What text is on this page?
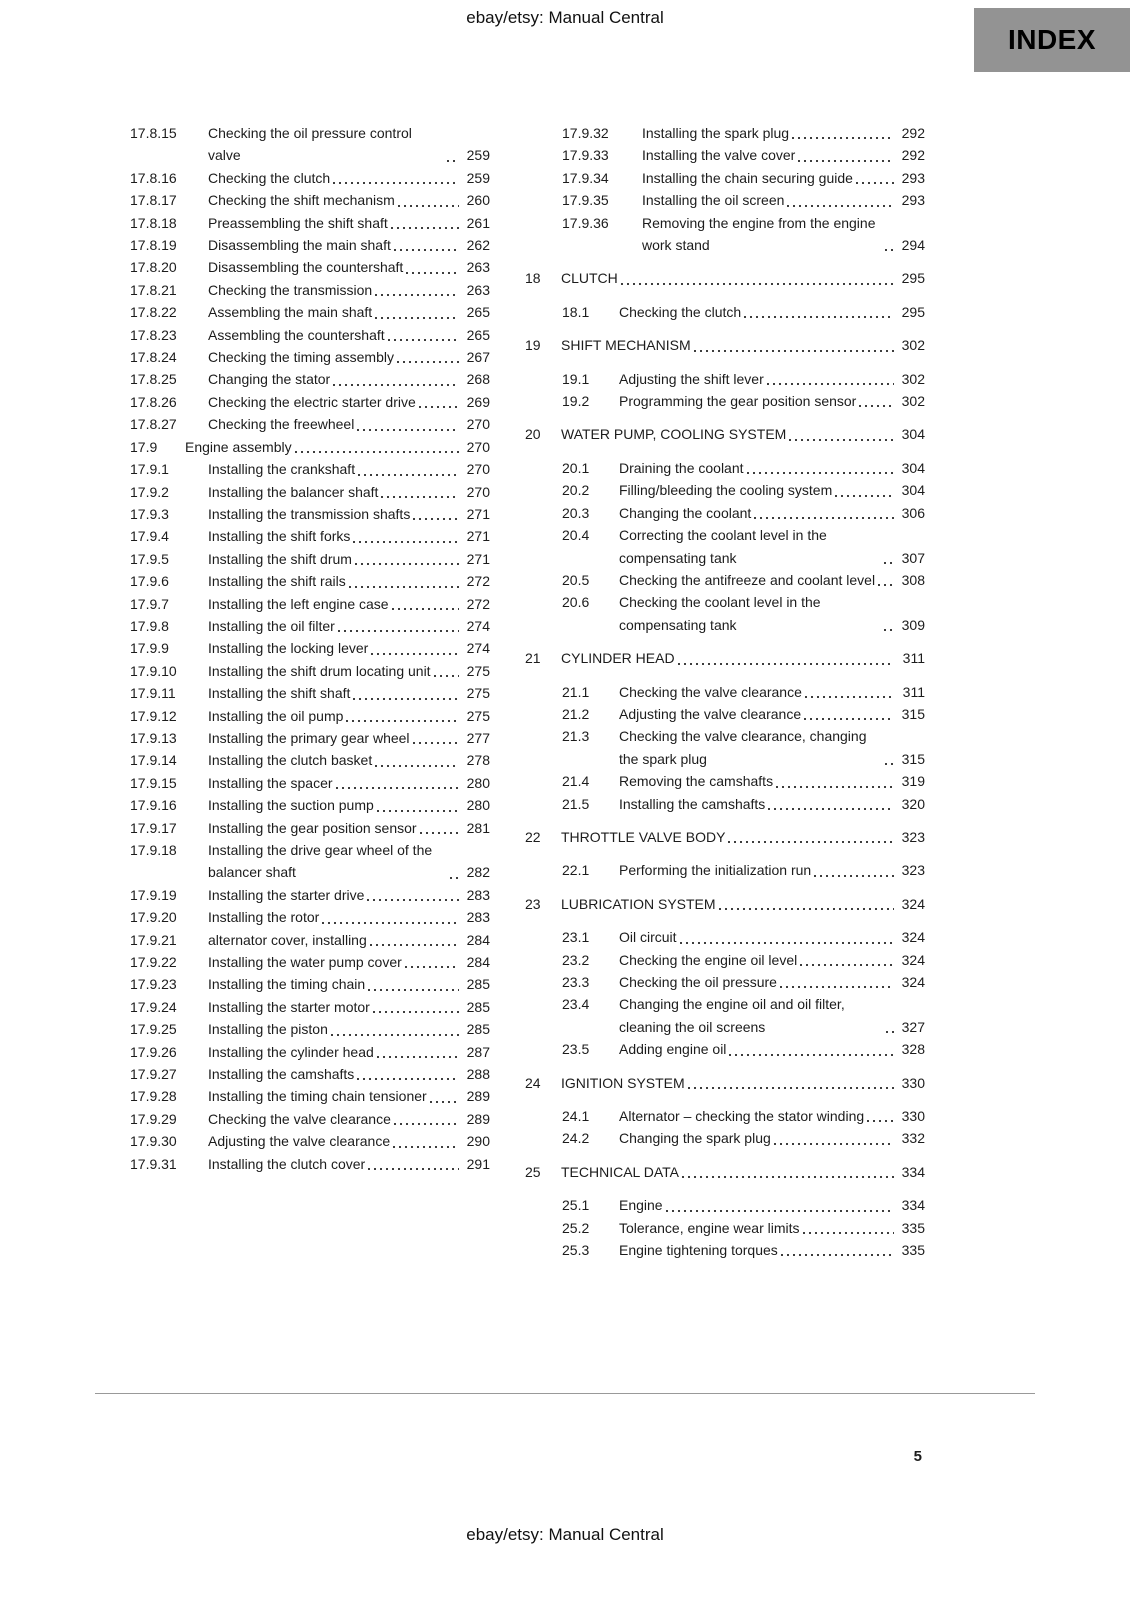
ebay/etsy: Manual Central
INDEX
17.8.15	Checking the oil pressure control valve	259
17.8.16	Checking the clutch	259
17.8.17	Checking the shift mechanism	260
17.8.18	Preassembling the shift shaft	261
17.8.19	Disassembling the main shaft	262
17.8.20	Disassembling the countershaft	263
17.8.21	Checking the transmission	263
17.8.22	Assembling the main shaft	265
17.8.23	Assembling the countershaft	265
17.8.24	Checking the timing assembly	267
17.8.25	Changing the stator	268
17.8.26	Checking the electric starter drive	269
17.8.27	Checking the freewheel	270
17.9	Engine assembly	270
17.9.1	Installing the crankshaft	270
17.9.2	Installing the balancer shaft	270
17.9.3	Installing the transmission shafts	271
17.9.4	Installing the shift forks	271
17.9.5	Installing the shift drum	271
17.9.6	Installing the shift rails	272
17.9.7	Installing the left engine case	272
17.9.8	Installing the oil filter	274
17.9.9	Installing the locking lever	274
17.9.10	Installing the shift drum locating unit	275
17.9.11	Installing the shift shaft	275
17.9.12	Installing the oil pump	275
17.9.13	Installing the primary gear wheel	277
17.9.14	Installing the clutch basket	278
17.9.15	Installing the spacer	280
17.9.16	Installing the suction pump	280
17.9.17	Installing the gear position sensor	281
17.9.18	Installing the drive gear wheel of the balancer shaft	282
17.9.19	Installing the starter drive	283
17.9.20	Installing the rotor	283
17.9.21	alternator cover, installing	284
17.9.22	Installing the water pump cover	284
17.9.23	Installing the timing chain	285
17.9.24	Installing the starter motor	285
17.9.25	Installing the piston	285
17.9.26	Installing the cylinder head	287
17.9.27	Installing the camshafts	288
17.9.28	Installing the timing chain tensioner	289
17.9.29	Checking the valve clearance	289
17.9.30	Adjusting the valve clearance	290
17.9.31	Installing the clutch cover	291
17.9.32	Installing the spark plug	292
17.9.33	Installing the valve cover	292
17.9.34	Installing the chain securing guide	293
17.9.35	Installing the oil screen	293
17.9.36	Removing the engine from the engine work stand	294
18	CLUTCH	295
18.1	Checking the clutch	295
19	SHIFT MECHANISM	302
19.1	Adjusting the shift lever	302
19.2	Programming the gear position sensor	302
20	WATER PUMP, COOLING SYSTEM	304
20.1	Draining the coolant	304
20.2	Filling/bleeding the cooling system	304
20.3	Changing the coolant	306
20.4	Correcting the coolant level in the compensating tank	307
20.5	Checking the antifreeze and coolant level	308
20.6	Checking the coolant level in the compensating tank	309
21	CYLINDER HEAD	311
21.1	Checking the valve clearance	311
21.2	Adjusting the valve clearance	315
21.3	Checking the valve clearance, changing the spark plug	315
21.4	Removing the camshafts	319
21.5	Installing the camshafts	320
22	THROTTLE VALVE BODY	323
22.1	Performing the initialization run	323
23	LUBRICATION SYSTEM	324
23.1	Oil circuit	324
23.2	Checking the engine oil level	324
23.3	Checking the oil pressure	324
23.4	Changing the engine oil and oil filter, cleaning the oil screens	327
23.5	Adding engine oil	328
24	IGNITION SYSTEM	330
24.1	Alternator – checking the stator winding	330
24.2	Changing the spark plug	332
25	TECHNICAL DATA	334
25.1	Engine	334
25.2	Tolerance, engine wear limits	335
25.3	Engine tightening torques	335
5
ebay/etsy: Manual Central
